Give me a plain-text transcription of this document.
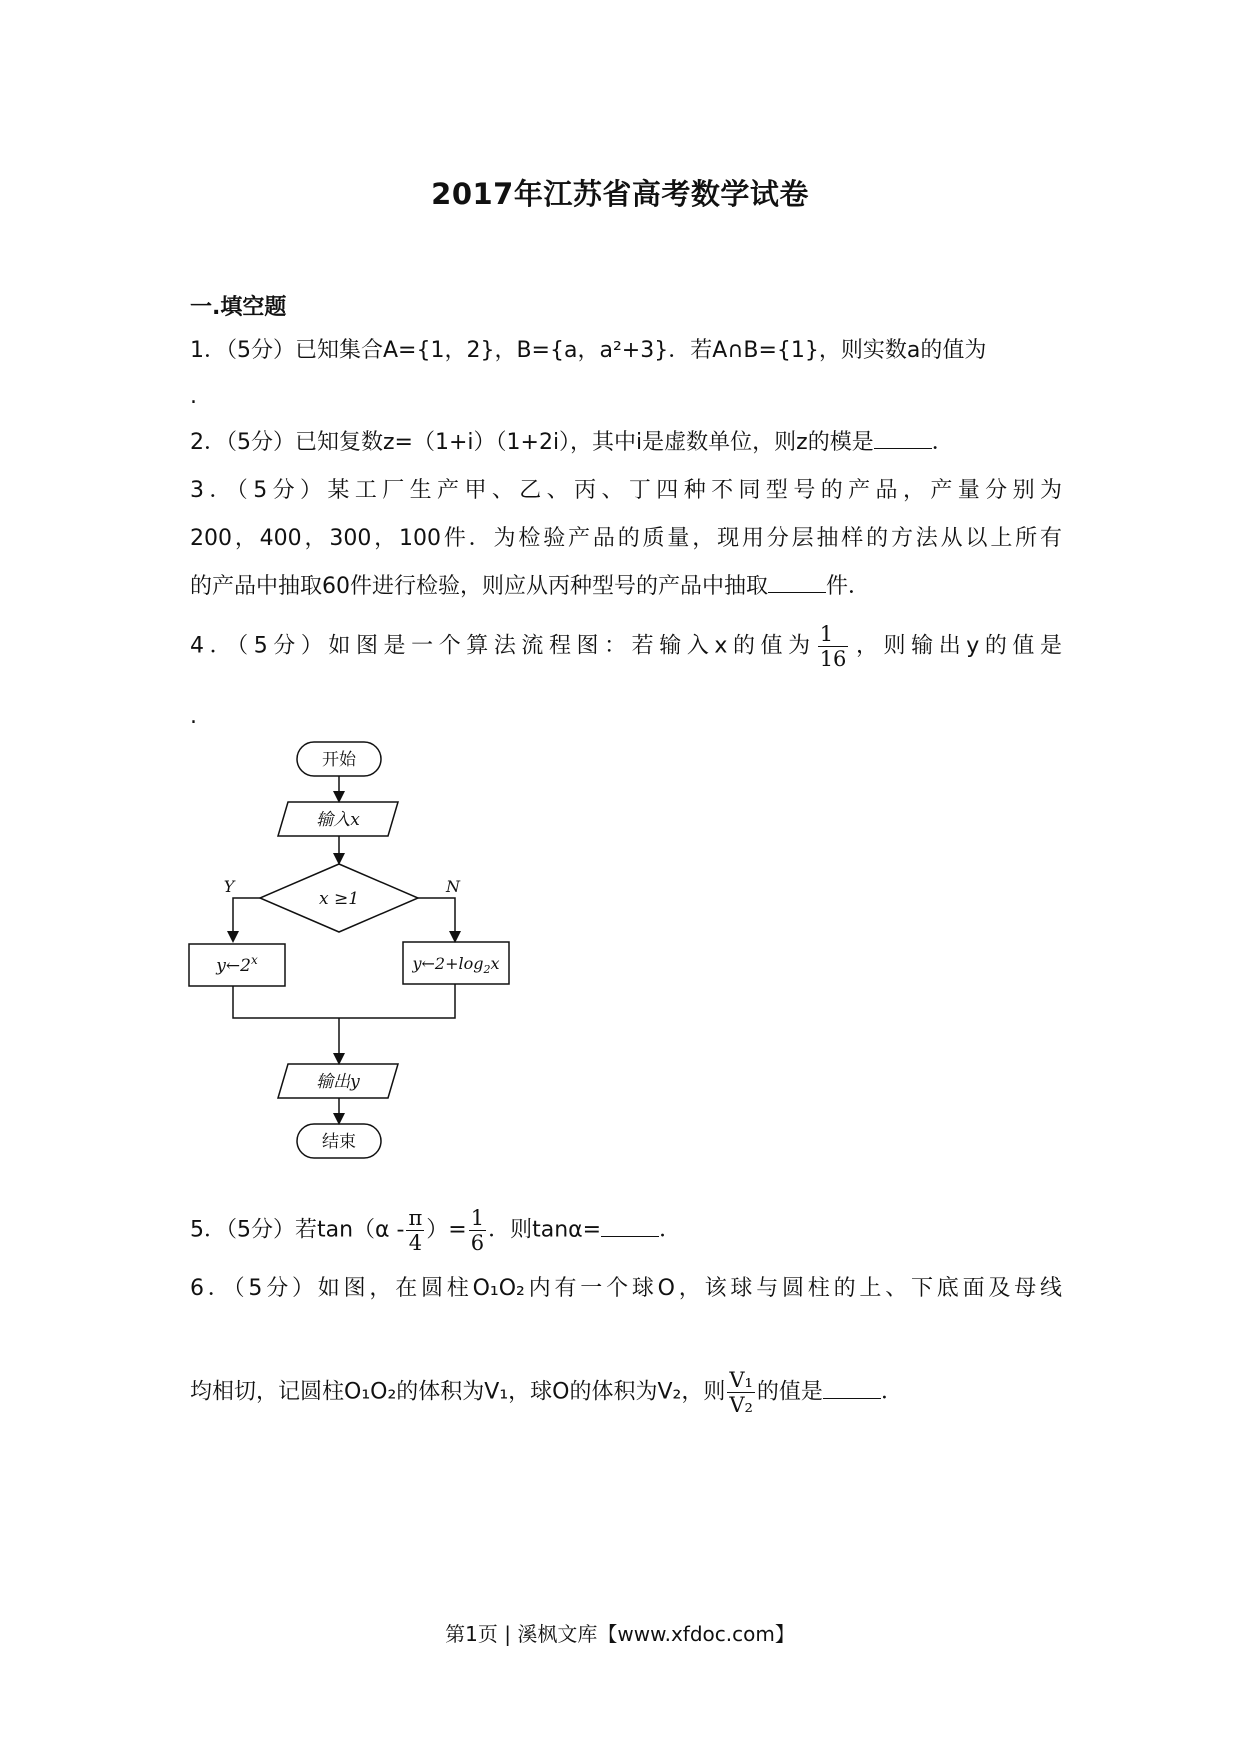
2017年江苏省高考数学试卷
一.填空题
1．（5分）已知集合A={1，2}，B={a，a²+3}．若A∩B={1}，则实数a的值为
.
2．（5分）已知复数z=（1+i）（1+2i），其中i是虚数单位，则z的模是	．
3．（5分）某工厂生产甲、乙、丙、丁四种不同型号的产品，产量分别为
200，400，300，100件．为检验产品的质量，现用分层抽样的方法从以上所有
的产品中抽取60件进行检验，则应从丙种型号的产品中抽取	件．
4．（5分）如图是一个算法流程图：若输入x的值为 $\frac{1}{16}$ ，则输出y的值是
.
开始
输入x
x ≥1
Y	N
y←2$^x$	$y\leftarrow 2+\log_2x$
输出y
结束
5．（5分）若$\tan(\alpha - \frac{\pi}{4}$ ）= $\frac{1}{6}$ ．则tanα=	．
6．（5分）如图，在圆柱O₁O₂内有一个球O，该球与圆柱的上、下底面及母线
均相切，记圆柱O₁O₂的体积为V₁，球O的体积为V₂，则 $\frac{\text{V₁}}{\text{V₂}}$ 的值是	．
第1页 | 溪枫文库【www.xfdoc.com】
